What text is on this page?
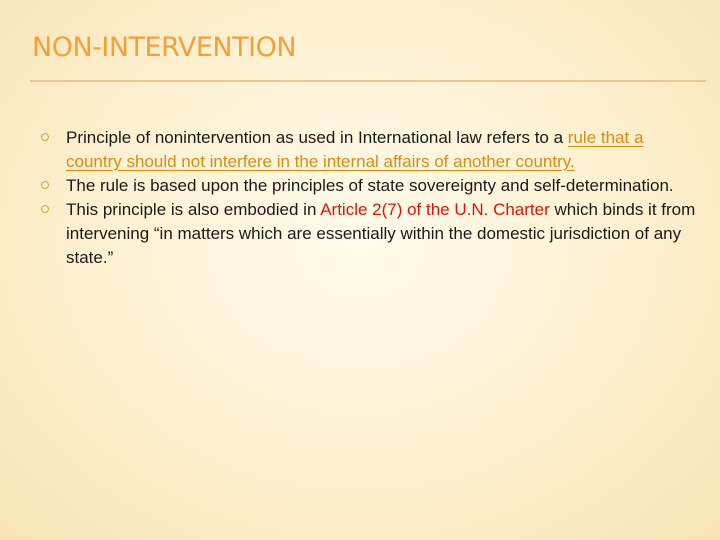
NON-INTERVENTION
Principle of nonintervention as used in International law refers to a rule that a country should not interfere in the internal affairs of another country.
The rule is based upon the principles of state sovereignty and self-determination.
This principle is also embodied in Article 2(7) of the U.N. Charter which binds it from intervening “in matters which are essentially within the domestic jurisdiction of any state.”
